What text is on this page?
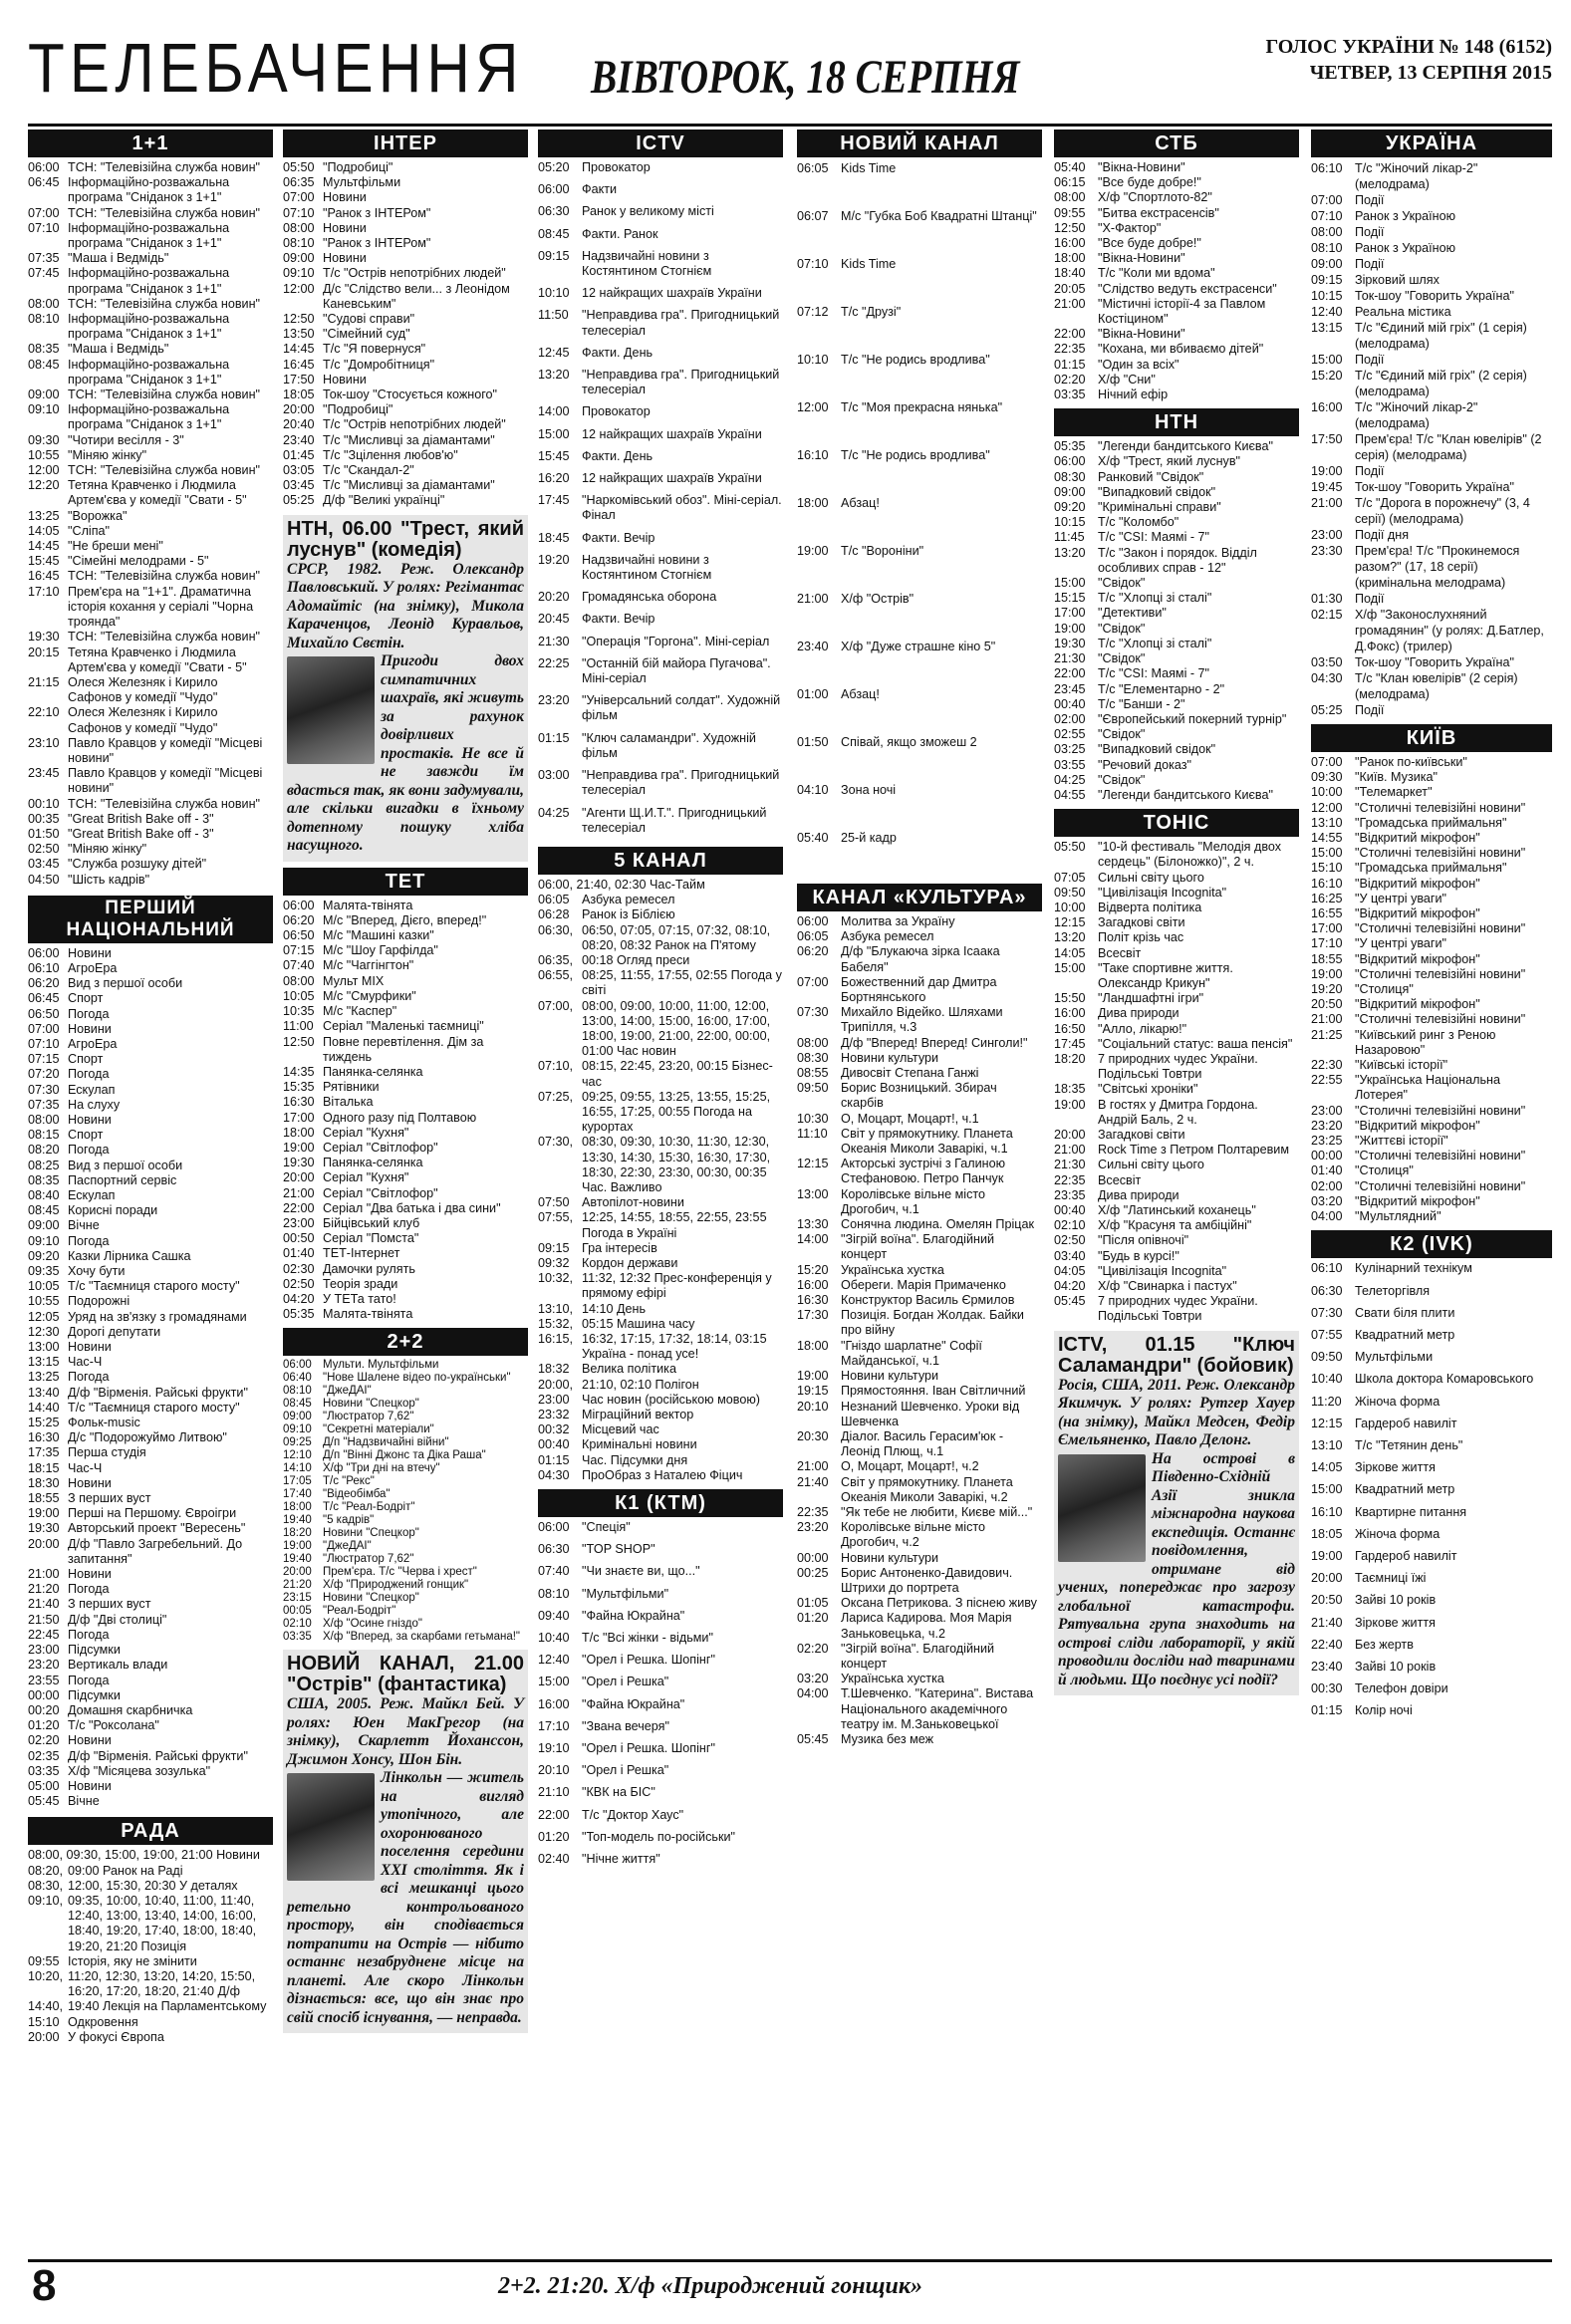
ТЕЛЕБАЧЕННЯ ВІВТОРОК, 18 СЕРПНЯ
ГОЛОС УКРАЇНИ № 148 (6152)
ЧЕТВЕР, 13 СЕРПНЯ 2015
1+1
06:00 ТСН: "Телевізійна служба новин"
06:45 Інформаційно-розважальна програма "Сніданок з 1+1"
07:00 ТСН: "Телевізійна служба новин"
07:10 Інформаційно-розважальна програма "Сніданок з 1+1"
07:35 "Маша і Ведмідь"
07:45 Інформаційно-розважальна програма "Сніданок з 1+1"
08:00 ТСН: "Телевізійна служба новин"
08:10 Інформаційно-розважальна програма "Сніданок з 1+1"
08:35 "Маша і Ведмідь"
08:45 Інформаційно-розважальна програма "Сніданок з 1+1"
09:00 ТСН: "Телевізійна служба новин"
09:10 Інформаційно-розважальна програма "Сніданок з 1+1"
09:30 "Чотири весілля - 3"
10:55 "Міняю жінку"
12:00 ТСН: "Телевізійна служба новин"
12:20 Тетяна Кравченко і Людмила Артем'єва у комедії "Свати - 5"
13:25 "Ворожка"
14:05 "Сліпа"
14:45 "Не бреши мені"
15:45 "Сімейні мелодрами - 5"
16:45 ТСН: "Телевізійна служба новин"
17:10 Прем'єра на "1+1". Драматична історія кохання у серіалі "Чорна троянда"
19:30 ТСН: "Телевізійна служба новин"
20:15 Тетяна Кравченко і Людмила Артем'єва у комедії "Свати - 5"
21:15 Олеся Железняк і Кирило Сафонов у комедії "Чудо"
22:10 Олеся Железняк і Кирило Сафонов у комедії "Чудо"
23:10 Павло Кравцов у комедії "Місцеві новини"
23:45 Павло Кравцов у комедії "Місцеві новини"
00:10 ТСН: "Телевізійна служба новин"
00:35 "Great British Bake off - 3"
01:50 "Great British Bake off - 3"
02:50 "Міняю жінку"
03:45 "Служба розшуку дітей"
04:50 "Шість кадрів"
ПЕРШИЙ НАЦІОНАЛЬНИЙ
06:00 Новини
06:10 АгроЕра
06:20 Вид з першої особи
06:45 Спорт
06:50 Погода
07:00 Новини
07:10 АгроЕра
07:15 Спорт
07:20 Погода
07:30 Ескулап
07:35 На слуху
08:00 Новини
08:15 Спорт
08:20 Погода
08:25 Вид з першої особи
08:35 Паспортний сервіс
08:40 Ескулап
08:45 Корисні поради
09:00 Вічне
09:10 Погода
09:20 Казки Лірника Сашка
09:35 Хочу бути
10:05 Т/с "Таємниця старого мосту"
10:55 Подорожні
12:05 Уряд на зв'язку з громадянами
12:30 Дорогі депутати
13:00 Новини
13:15 Час-Ч
13:25 Погода
13:40 Д/ф "Вірменія. Райські фрукти"
14:40 Т/с "Таємниця старого мосту"
15:25 Фольк-music
16:30 Д/с "Подорожуймо Литвою"
17:35 Перша студія
18:15 Час-Ч
18:30 Новини
18:55 З перших вуст
19:00 Перші на Першому. Євроігри
19:30 Авторський проект "Вересень"
20:00 Д/ф "Павло Загребельний. До запитання"
21:00 Новини
21:20 Погода
21:40 З перших вуст
21:50 Д/ф "Дві столиці"
22:45 Погода
23:00 Підсумки
23:20 Вертикаль влади
23:55 Погода
00:00 Підсумки
00:20 Домашня скарбничка
01:20 Т/с "Роксолана"
02:20 Новини
02:35 Д/ф "Вірменія. Райські фрукти"
03:35 Х/ф "Місяцева зозулька"
05:00 Новини
05:45 Вічне
РАДА
08:00, 09:30, 15:00, 19:00, 21:00 Новини
08:20, 09:00 Ранок на Раді
08:30, 12:00, 15:30, 20:30 У деталях
09:10, 09:35, 10:00, 10:40, 11:00, 11:40, 12:40, 13:00, 13:40, 14:00, 16:00, 18:40, 19:20, 17:40, 18:00, 18:40, 19:20, 21:20 Позиція
09:55 Історія, яку не змінити
10:20, 11:20, 12:30, 13:20, 14:20, 15:50, 16:20, 17:20, 18:20, 21:40 Д/ф
14:40, 19:40 Лекція на Парламентському
15:10 Одкровення
20:00 У фокусі Європа
ІНТЕР
05:50 "Подробиці"
06:35 Мультфільми
07:00 Новини
07:10 "Ранок з ІНТЕРом"
08:00 Новини
08:10 "Ранок з ІНТЕРом"
09:00 Новини
09:10 Т/с "Острів непотрібних людей"
12:00 Д/с "Слідство вели... з Леонідом Каневським"
12:50 "Судові справи"
13:50 "Сімейний суд"
14:45 Т/с "Я повернуся"
16:45 Т/с "Домробітниця"
17:50 Новини
18:05 Ток-шоу "Стосується кожного"
20:00 "Подробиці"
20:40 Т/с "Острів непотрібних людей"
23:40 Т/с "Мисливці за діамантами"
01:45 Т/с "Зцілення любов'ю"
03:05 Т/с "Скандал-2"
03:45 Т/с "Мисливці за діамантами"
05:25 Д/ф "Великі українці"
НТН, 06.00 "Трест, який луснув" (комедія)
СРСР, 1982. Реж. Олександр Павловський. У ролях: Регімантас Адомайтіс (на знімку), Микола Караченцов, Леонід Куравльов, Михайло Свєтін.
Пригоди двох симпатичних шахраїв, які живуть за рахунок довірливих простаків. Не все й не завжди їм вдасться так, як вони задумували, але скільки вигадки в їхньому дотепному пошуку хліба насущного.
ТЕТ
06:00 Малята-твінятa
06:20 М/с "Вперед, Дієго, вперед!"
06:50 М/с "Машині казки"
07:15 М/с "Шоу Гарфілда"
07:40 М/с "Чаггінгтон"
08:00 Мульт MIX
10:05 М/с "Смурфики"
10:35 М/с "Каспер"
11:00 Серіал "Маленькі таємниці"
12:50 Повне перевтілення. Дім за тиждень
14:35 Панянка-селянка
15:35 Рятівники
16:30 Віталька
17:00 Одного разу під Полтавою
18:00 Серіал "Кухня"
19:00 Серіал "Світлофор"
19:30 Панянка-селянка
20:00 Серіал "Кухня"
21:00 Серіал "Світлофор"
22:00 Серіал "Два батька і два сини"
23:00 Бійцівський клуб
00:50 Серіал "Помста"
01:40 ТЕТ-Інтернет
02:30 Дамочки рулять
02:50 Теорія зради
04:20 У ТЕТа тато!
05:35 Малята-твінятa
2+2
06:00 Мульти. Мультфільми
06:40 "Нове Шалене відео по-українськи"
08:10 "ДжеДАІ"
08:45 Новини "Спецкор"
09:00 "Люстратор 7,62"
09:10 "Секретні матеріали"
09:25 Д/п "Надзвичайні війни"
12:10 Д/п "Вінні Джонс та Діка Раша"
14:10 Х/ф "Три дні на втечу"
17:05 Т/с "Рекс"
17:40 "Відеобімба"
18:00 Т/с "Реал-Бодріт"
19:40 "5 кадрів"
18:20 Новини "Спецкор"
19:00 "ДжеДАІ"
19:40 "Люстратор 7,62"
20:00 Прем'єра. Т/с "Черва і хрест"
21:20 Х/ф "Природжений гонщик"
23:15 Новини "Спецкор"
00:05 "Реал-Бодріт"
02:10 Х/ф "Осине гніздо"
03:35 Х/ф "Вперед, за скарбами гетьмана!"
НОВИЙ КАНАЛ, 21.00 "Острів" (фантастика)
США, 2005. Реж. Майкл Бей. У ролях: Юен МакГрегор (на знімку), Скарлетт Йоханссон, Джимон Хонсу, Шон Бін.
Лінкольн — житель на вигляд утопічного, але охоронюваного поселення середини XXI століття. Як і всі мешканці цього ретельно контрольованого простору, він сподівається потрапити на Острів — нібито останнє незабруднене місце на планеті. Але скоро Лінкольн дізнається: все, що він знає про свій спосіб існування, — неправда.
ICTV
05:20 Провокатор
06:00 Факти
06:30 Ранок у великому місті
08:45 Факти. Ранок
09:15 Надзвичайні новини з Костянтином Стогнієм
10:10 12 найкращих шахраїв України
11:50	"Неправдива гра". Пригодницький телесеріал
12:45 Факти. День
13:20 "Неправдива гра". Пригодницький телесеріал
14:00 Провокатор
15:00 12 найкращих шахраїв України
15:45 Факти. День
16:20 12 найкращих шахраїв України
17:45 "Наркомівський обоз". Міні-серіал. Фінал
18:45 Факти. Вечір
19:20 Надзвичайні новини з Костянтином Стогнієм
20:20 Громадянська оборона
20:45 Факти. Вечір
21:30 "Операція "Горгона". Міні-серіал
22:25 "Останній бій майора Пугачова". Міні-серіал
23:20 "Універсальний солдат". Художній фільм
01:15 "Ключ саламандри". Художній фільм
03:00 "Неправдива гра". Пригодницький телесеріал
04:25 "Агенти Щ.И.Т.". Пригодницький телесеріал
5 КАНАЛ
06:00, 21:40, 02:30 Час-Тайм
06:05 Азбука ремесел
06:28 Ранок із Біблією
06:30, 06:50, 07:05, 07:15, 07:32, 08:10, 08:20, 08:32 Ранок на П'ятому
06:35, 00:18 Огляд преси
06:55, 08:25, 11:55, 17:55, 02:55 Погода у світі
07:00, 08:00, 09:00, 10:00, 11:00, 12:00, 13:00, 14:00, 15:00, 16:00, 17:00, 18:00, 19:00, 21:00, 22:00, 00:00, 01:00 Час новин
07:10, 08:15, 22:45, 23:20, 00:15 Бізнес-час
07:25, 09:25, 09:55, 13:25, 13:55, 15:25, 16:55, 17:25, 00:55 Погода на курортах
07:30, 08:30, 09:30, 10:30, 11:30, 12:30, 13:30, 14:30, 15:30, 16:30, 17:30, 18:30, 22:30, 23:30, 00:30, 00:35 Час. Важливо
07:50 Автопілот-новини
07:55, 12:25, 14:55, 18:55, 22:55, 23:55 Погода в Україні
09:15 Гра інтересів
09:32 Кордон держави
10:32, 11:32, 12:32 Прес-конференція у прямому ефірі
13:10, 14:10 День
15:32, 05:15 Машина часу
16:15, 16:32, 17:15, 17:32, 18:14, 03:15 Україна - понад усе!
18:32 Велика політика
20:00, 21:10, 02:10 Полігон
23:00 Час новин (російською мовою)
23:32 Міграційний вектор
00:32 Місцевий час
00:40 Кримінальні новини
01:15 Час. Підсумки дня
04:30 ПроОбраз з Наталею Фіцич
К1 (КТМ)
06:00 "Спеція"
06:30 "TOP SHOP"
07:40 "Чи знаєте ви, що..."
08:10 "Мультфільми"
09:40 "Файна Юкрайна"
10:40 Т/с "Всі жінки - відьми"
12:40 "Орел і Решка. Шопінг"
15:00 "Орел і Решка"
16:00 "Файна Юкрайна"
17:10 "Звана вечеря"
19:10 "Орел і Решка. Шопінг"
20:10 "Орел і Решка"
21:10 "КВК на БІС"
22:00 Т/с "Доктор Хаус"
01:20 "Топ-модель по-російськи"
02:40 "Нічне життя"
НОВИЙ КАНАЛ
06:05 Kids Time
06:07 М/с "Губка Боб Квадратні Штанці"
07:10 Kids Time
07:12 Т/с "Друзі"
10:10 Т/с "Не родись вродлива"
12:00 Т/с "Моя прекрасна нянька"
16:10 Т/с "Не родись вродлива"
18:00 Абзац!
19:00 Т/с "Вороніни"
21:00 Х/ф "Острів"
23:40 Х/ф "Дуже страшне кіно 5"
01:00 Абзац!
01:50 Співай, якщо зможеш 2
04:10 Зона ночі
05:40 25-й кадр
КАНАЛ «КУЛЬТУРА»
06:00 Молитва за Україну
06:05 Азбука ремесел
06:20 Д/ф "Блукаюча зірка Ісаака Бабеля"
07:00 Божественний дар Дмитра Бортнянського
07:30 Михайло Відейко. Шляхами Трипілля, ч.3
08:00 Д/ф "Вперед! Вперед! Синголи!"
08:30 Новини культури
08:55 Дивосвіт Степана Ганжі
09:50 Борис Возницький. Збирач скарбів
10:30 О, Моцарт, Моцарт!, ч.1
11:10	Світ у прямокутнику. Планета Океанія Миколи Заварікі, ч.1
12:15 Акторські зустрічі з Галиною Стефановою. Петро Панчук
13:00 Королівське вільне місто Дрогобич, ч.1
13:30 Сонячна людина. Омелян Пріцак
14:00 "Зігрій воїна". Благодійний концерт
15:20 Українська хустка
16:00 Обереги. Марія Примаченко
16:30 Конструктор Василь Єрмилов
17:30 Позиція. Богдан Жолдак. Байки про війну
18:00 "Гніздо шарлатне" Софії Майданської, ч.1
19:00 Новини культури
19:15 Прямостояння. Іван Світличний
20:10 Незнаний Шевченко. Уроки від Шевченка
20:30 Діалог. Василь Герасим'юк - Леонід Плющ, ч.1
21:00 О, Моцарт, Моцарт!, ч.2
21:40 Світ у прямокутнику. Планета Океанія Миколи Заварікі, ч.2
22:35 "Як тебе не любити, Києве мій..."
23:20 Королівське вільне місто Дрогобич, ч.2
00:00 Новини культури
00:25 Борис Антоненко-Давидович. Штрихи до портрета
01:05 Оксана Петрикова. З піснею живу
01:20 Лариса Кадирова. Моя Марія Заньковецька, ч.2
02:20 "Зігрій воїна". Благодійний концерт
03:20 Українська хустка
04:00 Т.Шевченко. "Катерина". Вистава Національного академічного театру ім. М.Заньковецької
05:45 Музика без меж
СТБ
05:40 "Вікна-Новини"
06:15 "Все буде добре!"
08:00 Х/ф "Спортлото-82"
09:55 "Битва екстрасенсів"
12:50 "Х-Фактор"
16:00 "Все буде добре!"
18:00 "Вікна-Новини"
18:40 Т/с "Коли ми вдома"
20:05 "Слідство ведуть екстрасенси"
21:00 "Містичні історії-4 за Павлом Костіцином"
22:00 "Вікна-Новини"
22:35 "Кохана, ми вбиваємо дітей"
01:15 "Один за всіх"
02:20 Х/ф "Сни"
03:35 Нічний ефір
НТН
05:35 "Легенди бандитського Києва"
06:00 Х/ф "Трест, який луснув"
08:30 Ранковий "Свідок"
09:00 "Випадковий свідок"
09:20 "Кримінальні справи"
10:15 Т/с "Коломбо"
11:45	Т/с "CSI: Маямі - 7"
13:20 Т/с "Закон і порядок. Відділ особливих справ - 12"
15:00 "Свідок"
15:15 Т/с "Хлопці зі сталі"
17:00 "Детективи"
19:00 "Свідок"
19:30 Т/с "Хлопці зі сталі"
21:30 "Свідок"
22:00 Т/с "CSI: Маямі - 7"
23:45 Т/с "Елементарно - 2"
00:40 Т/с "Банши - 2"
02:00 "Європейський покерний турнір"
02:55 "Свідок"
03:25 "Випадковий свідок"
03:55 "Речовий доказ"
04:25 "Свідок"
04:55 "Легенди бандитського Києва"
ТОНІС
05:50 "10-й фестиваль "Мелодія двох сердець" (Білоножко)", 2 ч.
07:05 Сильні світу цього
09:50 "Цивілізація Incognita"
10:00 Відверта політика
12:15 Загадкові світи
13:20 Політ крізь час
14:05 Всесвіт
15:00 "Таке спортивне життя. Олександр Крикун"
15:50 "Ландшафтні ігри"
16:00 Дива природи
16:50 "Алло, лікарю!"
17:45 "Соціальний статус: ваша пенсія"
18:20 7 природних чудес України. Подільські Товтри
18:35 "Світські хроніки"
19:00 В гостях у Дмитра Гордона. Андрій Баль, 2 ч.
20:00 Загадкові світи
21:00 Rock Time з Петром Полтаревим
21:30 Сильні світу цього
22:35 Всесвіт
23:35 Дива природи
00:40 Х/ф "Латинський коханець"
02:10 Х/ф "Красуня та амбіційні"
02:50 "Після опівночі"
03:40 "Будь в курсі!"
04:05 "Цивілізація Incognita"
04:20 Х/ф "Свинарка і пастух"
05:45 7 природних чудес України. Подільські Товтри
ICTV, 01.15 "Ключ Саламандри" (бойовик)
Росія, США, 2011. Реж. Олександр Якимчук. У ролях: Рутгер Хауер (на знімку), Майкл Медсен, Федір Ємельяненко, Павло Делонг.
На острові в Південно-Східній Азії зникла міжнародна наукова експедиція. Останнє повідомлення, отримане від учених, попереджає про загрозу глобальної катастрофи. Рятувальна група знаходить на острові сліди лабораторії, у якій проводили досліди над тваринами й людьми. Що поєднує усі події?
УКРАЇНА
06:10 Т/с "Жіночий лікар-2" (мелодрама)
07:00 Події
07:10 Ранок з Україною
08:00 Події
08:10 Ранок з Україною
09:00 Події
09:15 Зірковий шлях
10:15 Ток-шоу "Говорить Україна"
12:40 Реальна містика
13:15 Т/с "Єдиний мій гріх" (1 серія) (мелодрама)
15:00 Події
15:20 Т/с "Єдиний мій гріх" (2 серія) (мелодрама)
16:00 Т/с "Жіночий лікар-2" (мелодрама)
17:50 Прем'єра! Т/с "Клан ювелірів" (2 серія) (мелодрама)
19:00 Події
19:45 Ток-шоу "Говорить Україна"
21:00 Т/с "Дорога в порожнечу" (3, 4 серії) (мелодрама)
23:00 Події дня
23:30 Прем'єра! Т/с "Прокинемося разом?" (17, 18 серії) (кримінальна мелодрама)
01:30 Події
02:15 Х/ф "Законослухняний громадянин" (у ролях: Д.Батлер, Д.Фокс) (трилер)
03:50 Ток-шоу "Говорить Україна"
04:30 Т/с "Клан ювелірів" (2 серія) (мелодрама)
05:25 Події
КИЇВ
07:00 "Ранок по-київськи"
09:30 "Київ. Музика"
10:00 "Телемаркет"
12:00 "Столичні телевізійні новини"
13:10 "Громадська приймальня"
14:55 "Відкритий мікрофон"
15:00 "Столичні телевізійні новини"
15:10 "Громадська приймальня"
16:10 "Відкритий мікрофон"
16:25 "У центрі уваги"
16:55 "Відкритий мікрофон"
17:00 "Столичні телевізійні новини"
17:10 "У центрі уваги"
18:55 "Відкритий мікрофон"
19:00 "Столичні телевізійні новини"
19:20 "Столиця"
20:50 "Відкритий мікрофон"
21:00 "Столичні телевізійні новини"
21:25 "Київський ринг з Реною Назаровою"
22:30 "Київські історії"
22:55 "Українська Національна Лотерея"
23:00 "Столичні телевізійні новини"
23:20 "Відкритий мікрофон"
23:25 "Життєві історії"
00:00 "Столичні телевізійні новини"
01:40 "Столиця"
02:00 "Столичні телевізійні новини"
03:20 "Відкритий мікрофон"
04:00 "Мультлядний"
К2 (IVK)
06:10 Кулінарний технікум
06:30 Телеторгівля
07:30 Свати біля плити
07:55 Квадратний метр
09:50 Мультфільми
10:40 Школа доктора Комаровського
11:20	Жіноча форма
12:15 Гардероб навиліт
13:10 Т/с "Тетянин день"
14:05 Зіркове життя
15:00 Квадратний метр
16:10 Квартирне питання
18:05 Жіноча форма
19:00 Гардероб навиліт
20:00 Таємниці їжі
20:50 Зайві 10 років
21:40 Зіркове життя
22:40 Без жертв
23:40 Зайві 10 років
00:30 Телефон довіри
01:15 Колір ночі
8	2+2. 21:20. Х/ф «Природжений гонщик»
